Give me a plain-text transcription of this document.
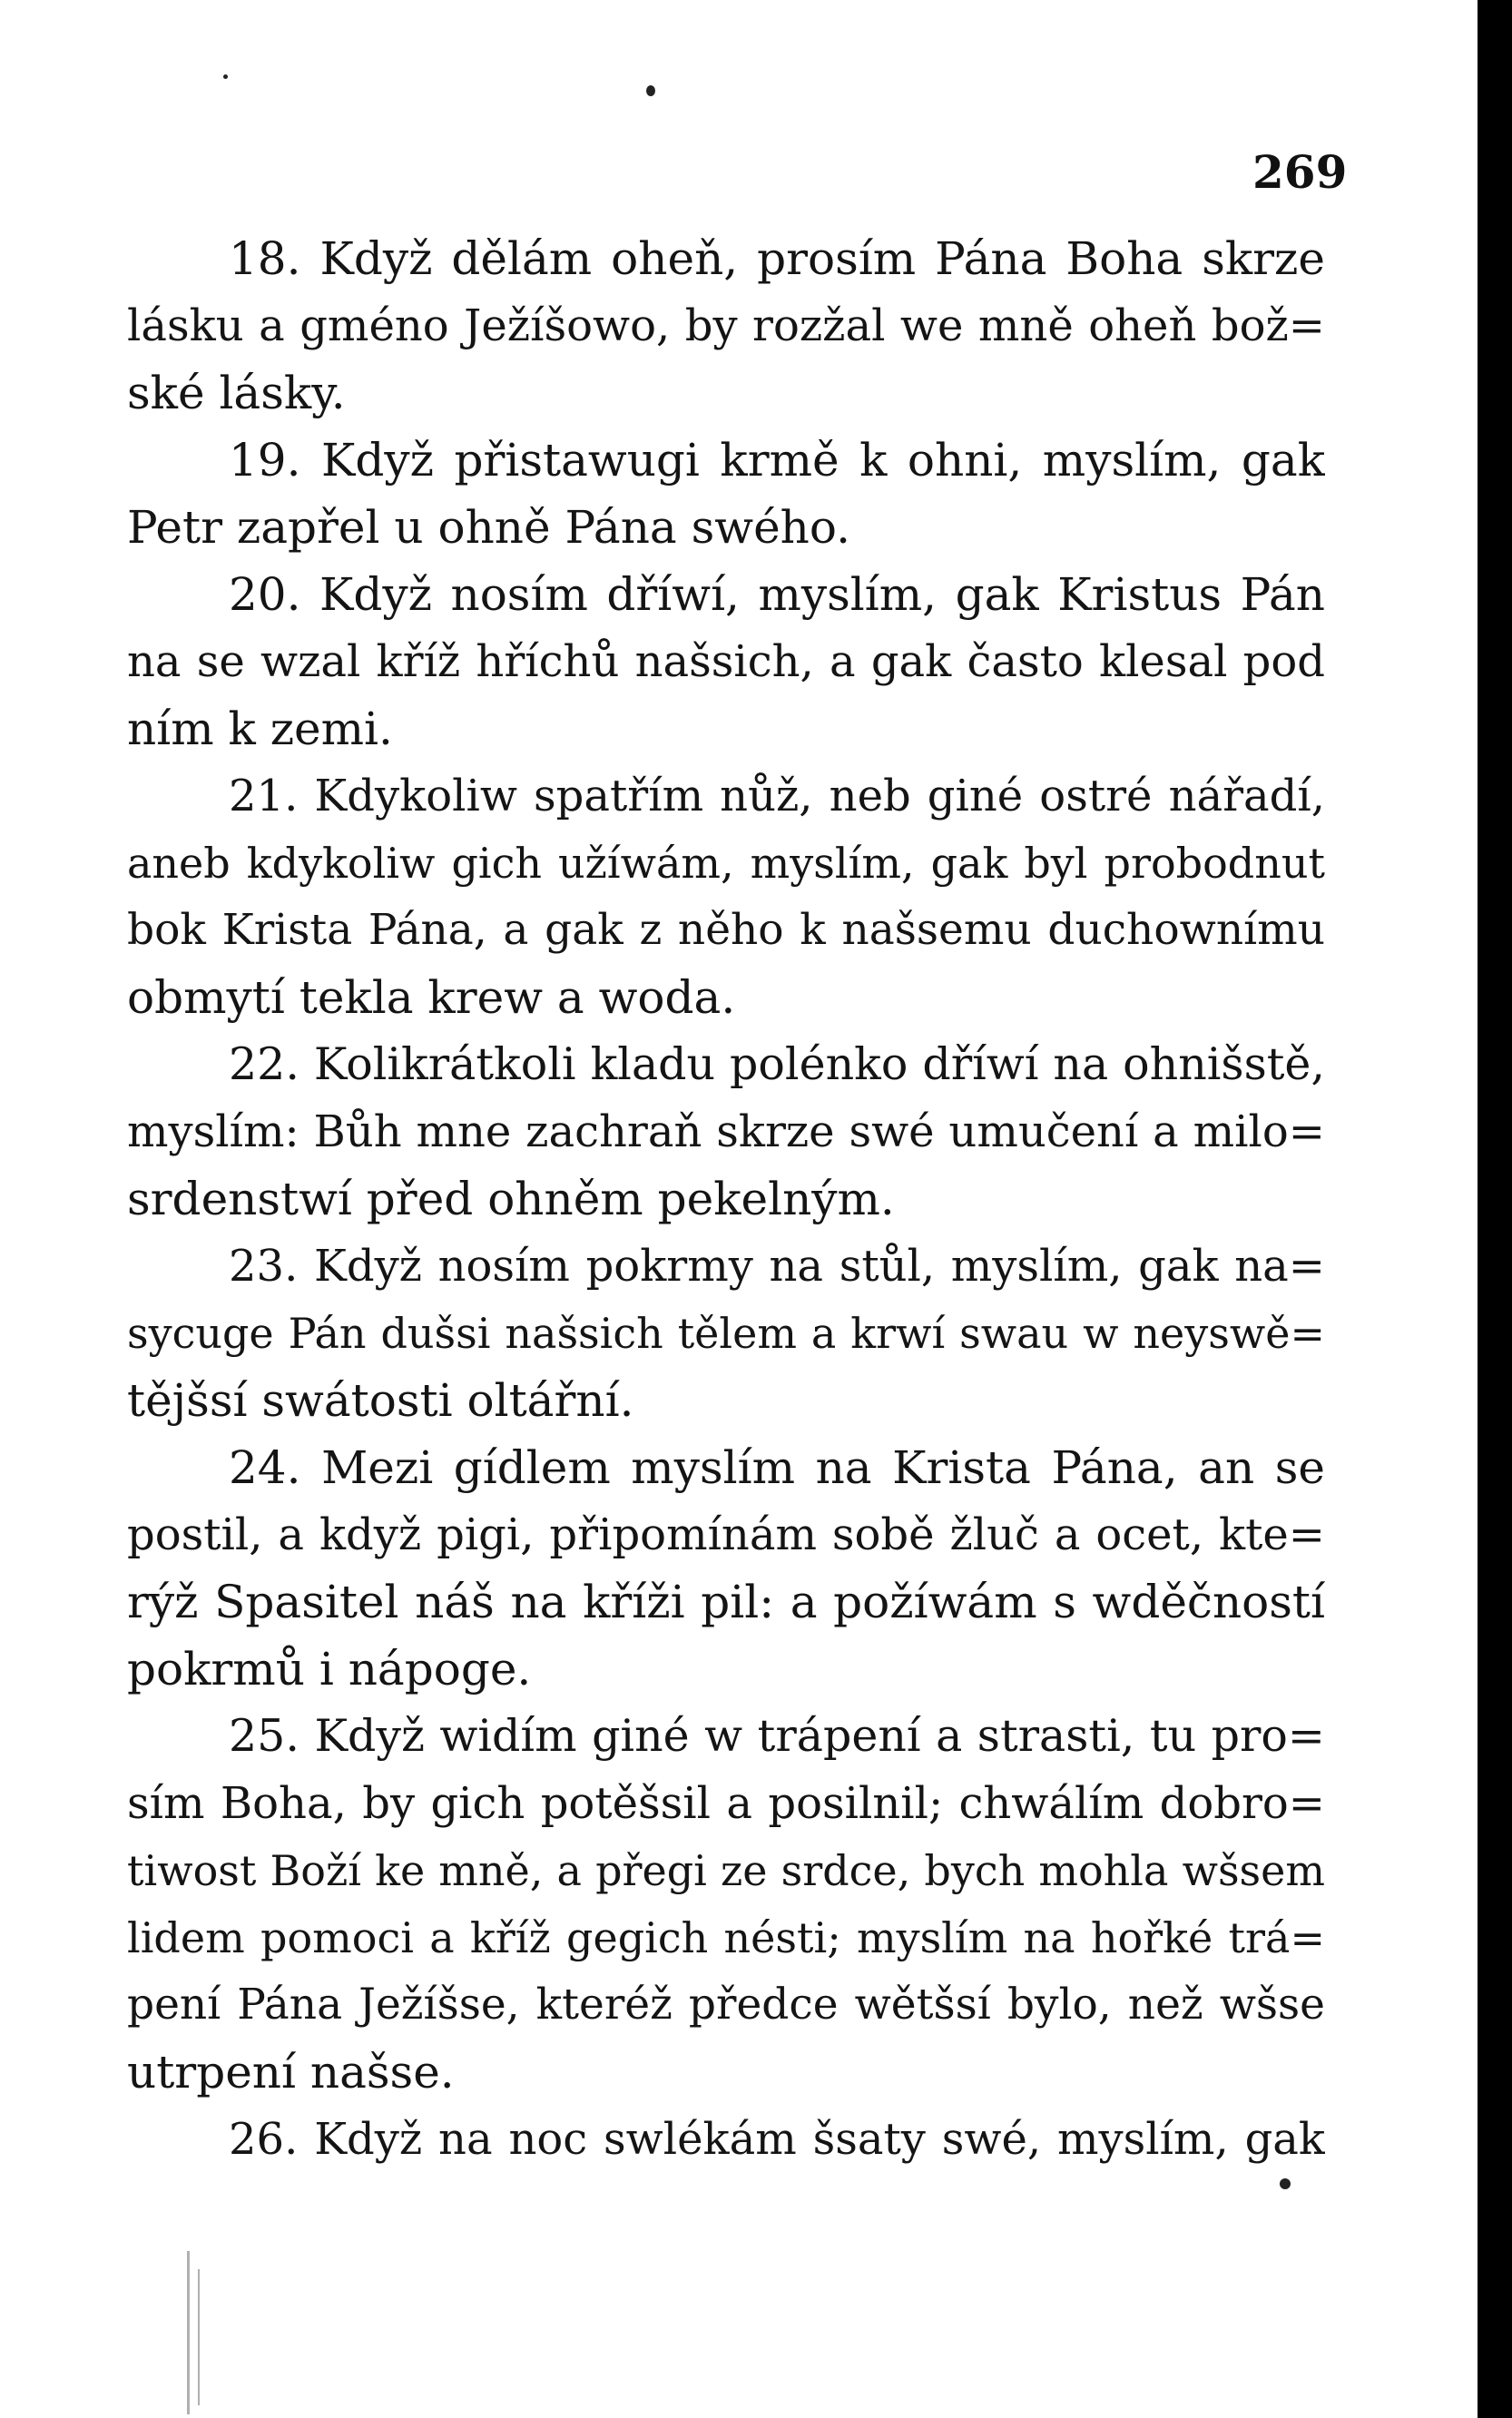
269
18. Když dělám oheň, prosím Pána Boha skrze
lásku a gméno Ježíšowo, by rozžal we mně oheň bož=
ské lásky.
19. Když přistawugi krmě k ohni, myslím, gak
Petr zapřel u ohně Pána swého.
20. Když nosím dříwí, myslím, gak Kristus Pán
na se wzal kříž hříchů našsich, a gak často klesal pod
ním k zemi.
21. Kdykoliw spatřím nůž, neb giné ostré nářadí,
aneb kdykoliw gich užíwám, myslím, gak byl probodnut
bok Krista Pána, a gak z něho k našsemu duchownímu
obmytí tekla krew a woda.
22. Kolikrátkoli kladu polénko dříwí na ohnišstě,
myslím: Bůh mne zachraň skrze swé umučení a milo=
srdenstwí před ohněm pekelným.
23. Když nosím pokrmy na stůl, myslím, gak na=
sycuge Pán dušsi našsich tělem a krwí swau w neyswě=
tějšsí swátosti oltářní.
24. Mezi gídlem myslím na Krista Pána, an se
postil, a když pigi, připomínám sobě žluč a ocet, kte=
rýž Spasitel náš na kříži pil: a požíwám s wděčností
pokrmů i nápoge.
25. Když widím giné w trápení a strasti, tu pro=
sím Boha, by gich potěšsil a posilnil; chwálím dobro=
tiwost Boží ke mně, a přegi ze srdce, bych mohla wšsem
lidem pomoci a kříž gegich nésti; myslím na hořké trá=
pení Pána Ježíšse, kteréž předce wětšsí bylo, než wšse
utrpení našse.
26. Když na noc swlékám šsaty swé, myslím, gak
